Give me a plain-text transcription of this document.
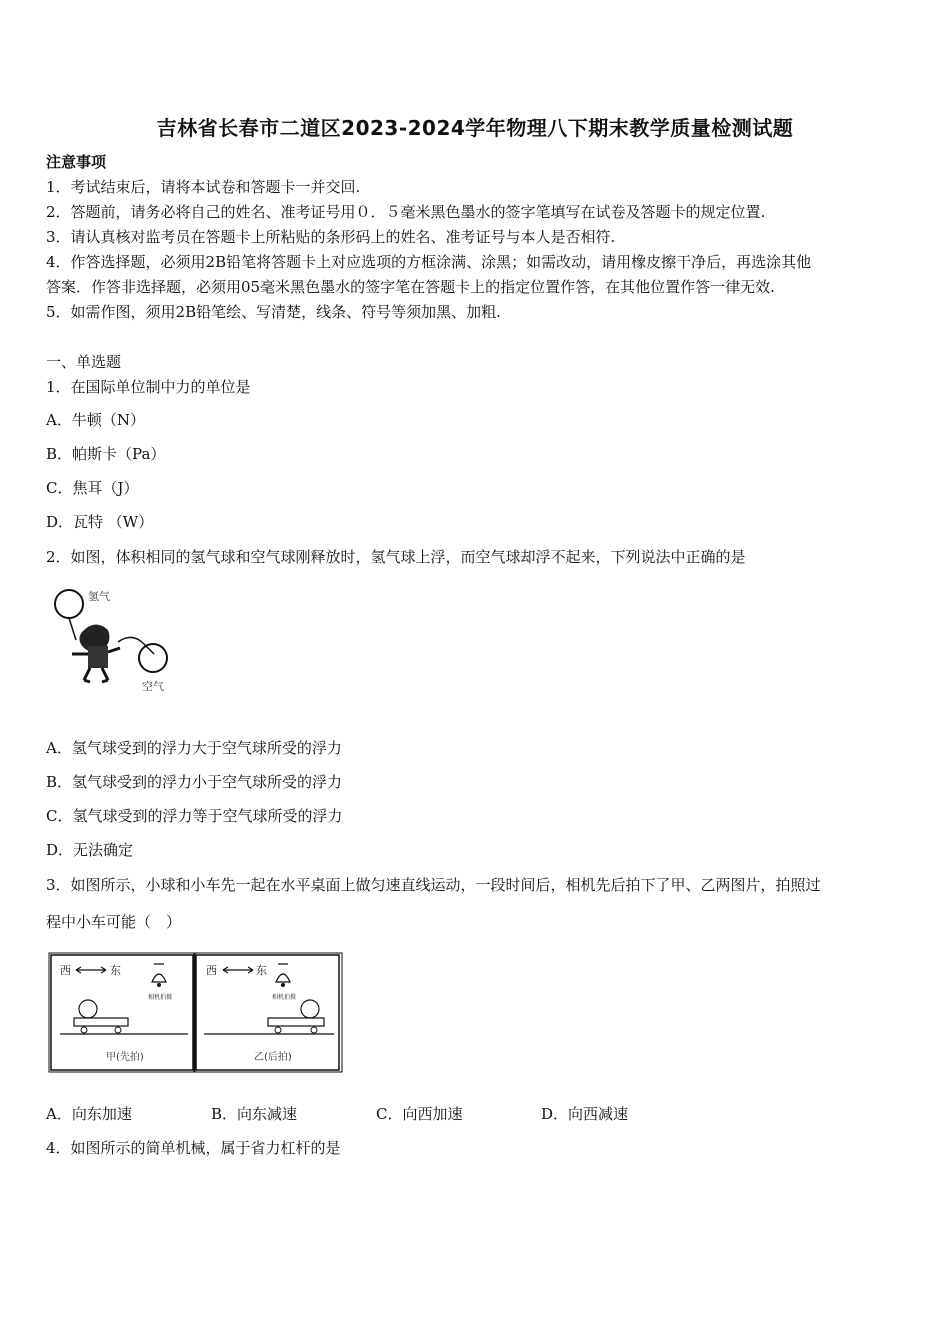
吉林省长春市二道区2023-2024学年物理八下期末教学质量检测试题
注意事项
1．考试结束后，请将本试卷和答题卡一并交回.
2．答题前，请务必将自己的姓名、准考证号用０．５毫米黑色墨水的签字笔填写在试卷及答题卡的规定位置.
3．请认真核对监考员在答题卡上所粘贴的条形码上的姓名、准考证号与本人是否相符.
4．作答选择题，必须用2B铅笔将答题卡上对应选项的方框涂满、涂黑；如需改动，请用橡皮擦干净后，再选涂其他
答案．作答非选择题，必须用05毫米黑色墨水的签字笔在答题卡上的指定位置作答，在其他位置作答一律无效.
5．如需作图，须用2B铅笔绘、写清楚，线条、符号等须加黑、加粗.
一、单选题
1．在国际单位制中力的单位是
A．牛顿（N）
B．帕斯卡（Pa）
C．焦耳（J）
D．瓦特 （W）
2．如图，体积相同的氢气球和空气球刚释放时，氢气球上浮，而空气球却浮不起来，下列说法中正确的是
氢气
空气
A．氢气球受到的浮力大于空气球所受的浮力
B．氢气球受到的浮力小于空气球所受的浮力
C．氢气球受到的浮力等于空气球所受的浮力
D．无法确定
3．如图所示，小球和小车先一起在水平桌面上做匀速直线运动，一段时间后，相机先后拍下了甲、乙两图片，拍照过
程中小车可能（　）
西	东
相机拍摄
甲(先拍)
西	东
相机拍摄
乙(后拍)
A．向东加速	B．向东减速	C．向西加速	D．向西减速
4．如图所示的简单机械，属于省力杠杆的是
